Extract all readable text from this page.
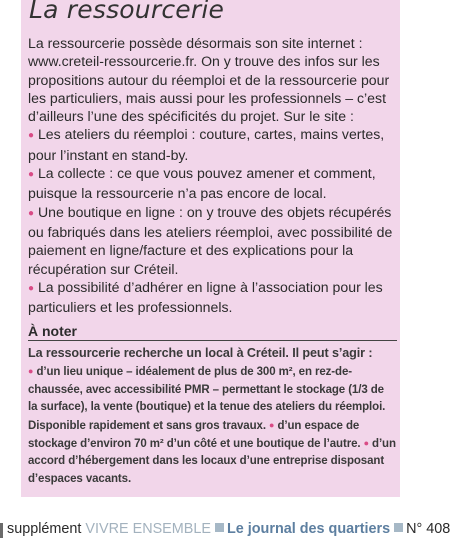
La ressourcerie

La ressourcerie possède désormais son site internet : www.creteil-ressourcerie.fr. On y trouve des infos sur les propositions autour du réemploi et de la ressourcerie pour les particuliers, mais aussi pour les professionnels – c’est d’ailleurs l’une des spécificités du projet. Sur le site :

● Les ateliers du réemploi : couture, cartes, mains vertes, pour l’instant en stand-by.

● La collecte : ce que vous pouvez amener et comment, puisque la ressourcerie n’a pas encore de local.

● Une boutique en ligne : on y trouve des objets récupérés ou fabriqués dans les ateliers réemploi, avec possibilité de paiement en ligne/facture et des explications pour la récupération sur Créteil.

● La possibilité d’adhérer en ligne à l’association pour les particuliers et les professionnels.

À noter
La ressourcerie recherche un local à Créteil. Il peut s’agir :
● d’un lieu unique – idéalement de plus de 300 m², en rez-de-chaussée, avec accessibilité PMR – permettant le stockage (1/3 de la surface), la vente (boutique) et la tenue des ateliers du réemploi. Disponible rapidement et sans gros travaux. ● d’un espace de stockage d’environ 70 m² d’un côté et une boutique de l’autre. ● d’un accord d’hébergement dans les locaux d’une entreprise disposant d’espaces vacants.
supplément VIVRE ENSEMBLE Le journal des quartiers N° 408
